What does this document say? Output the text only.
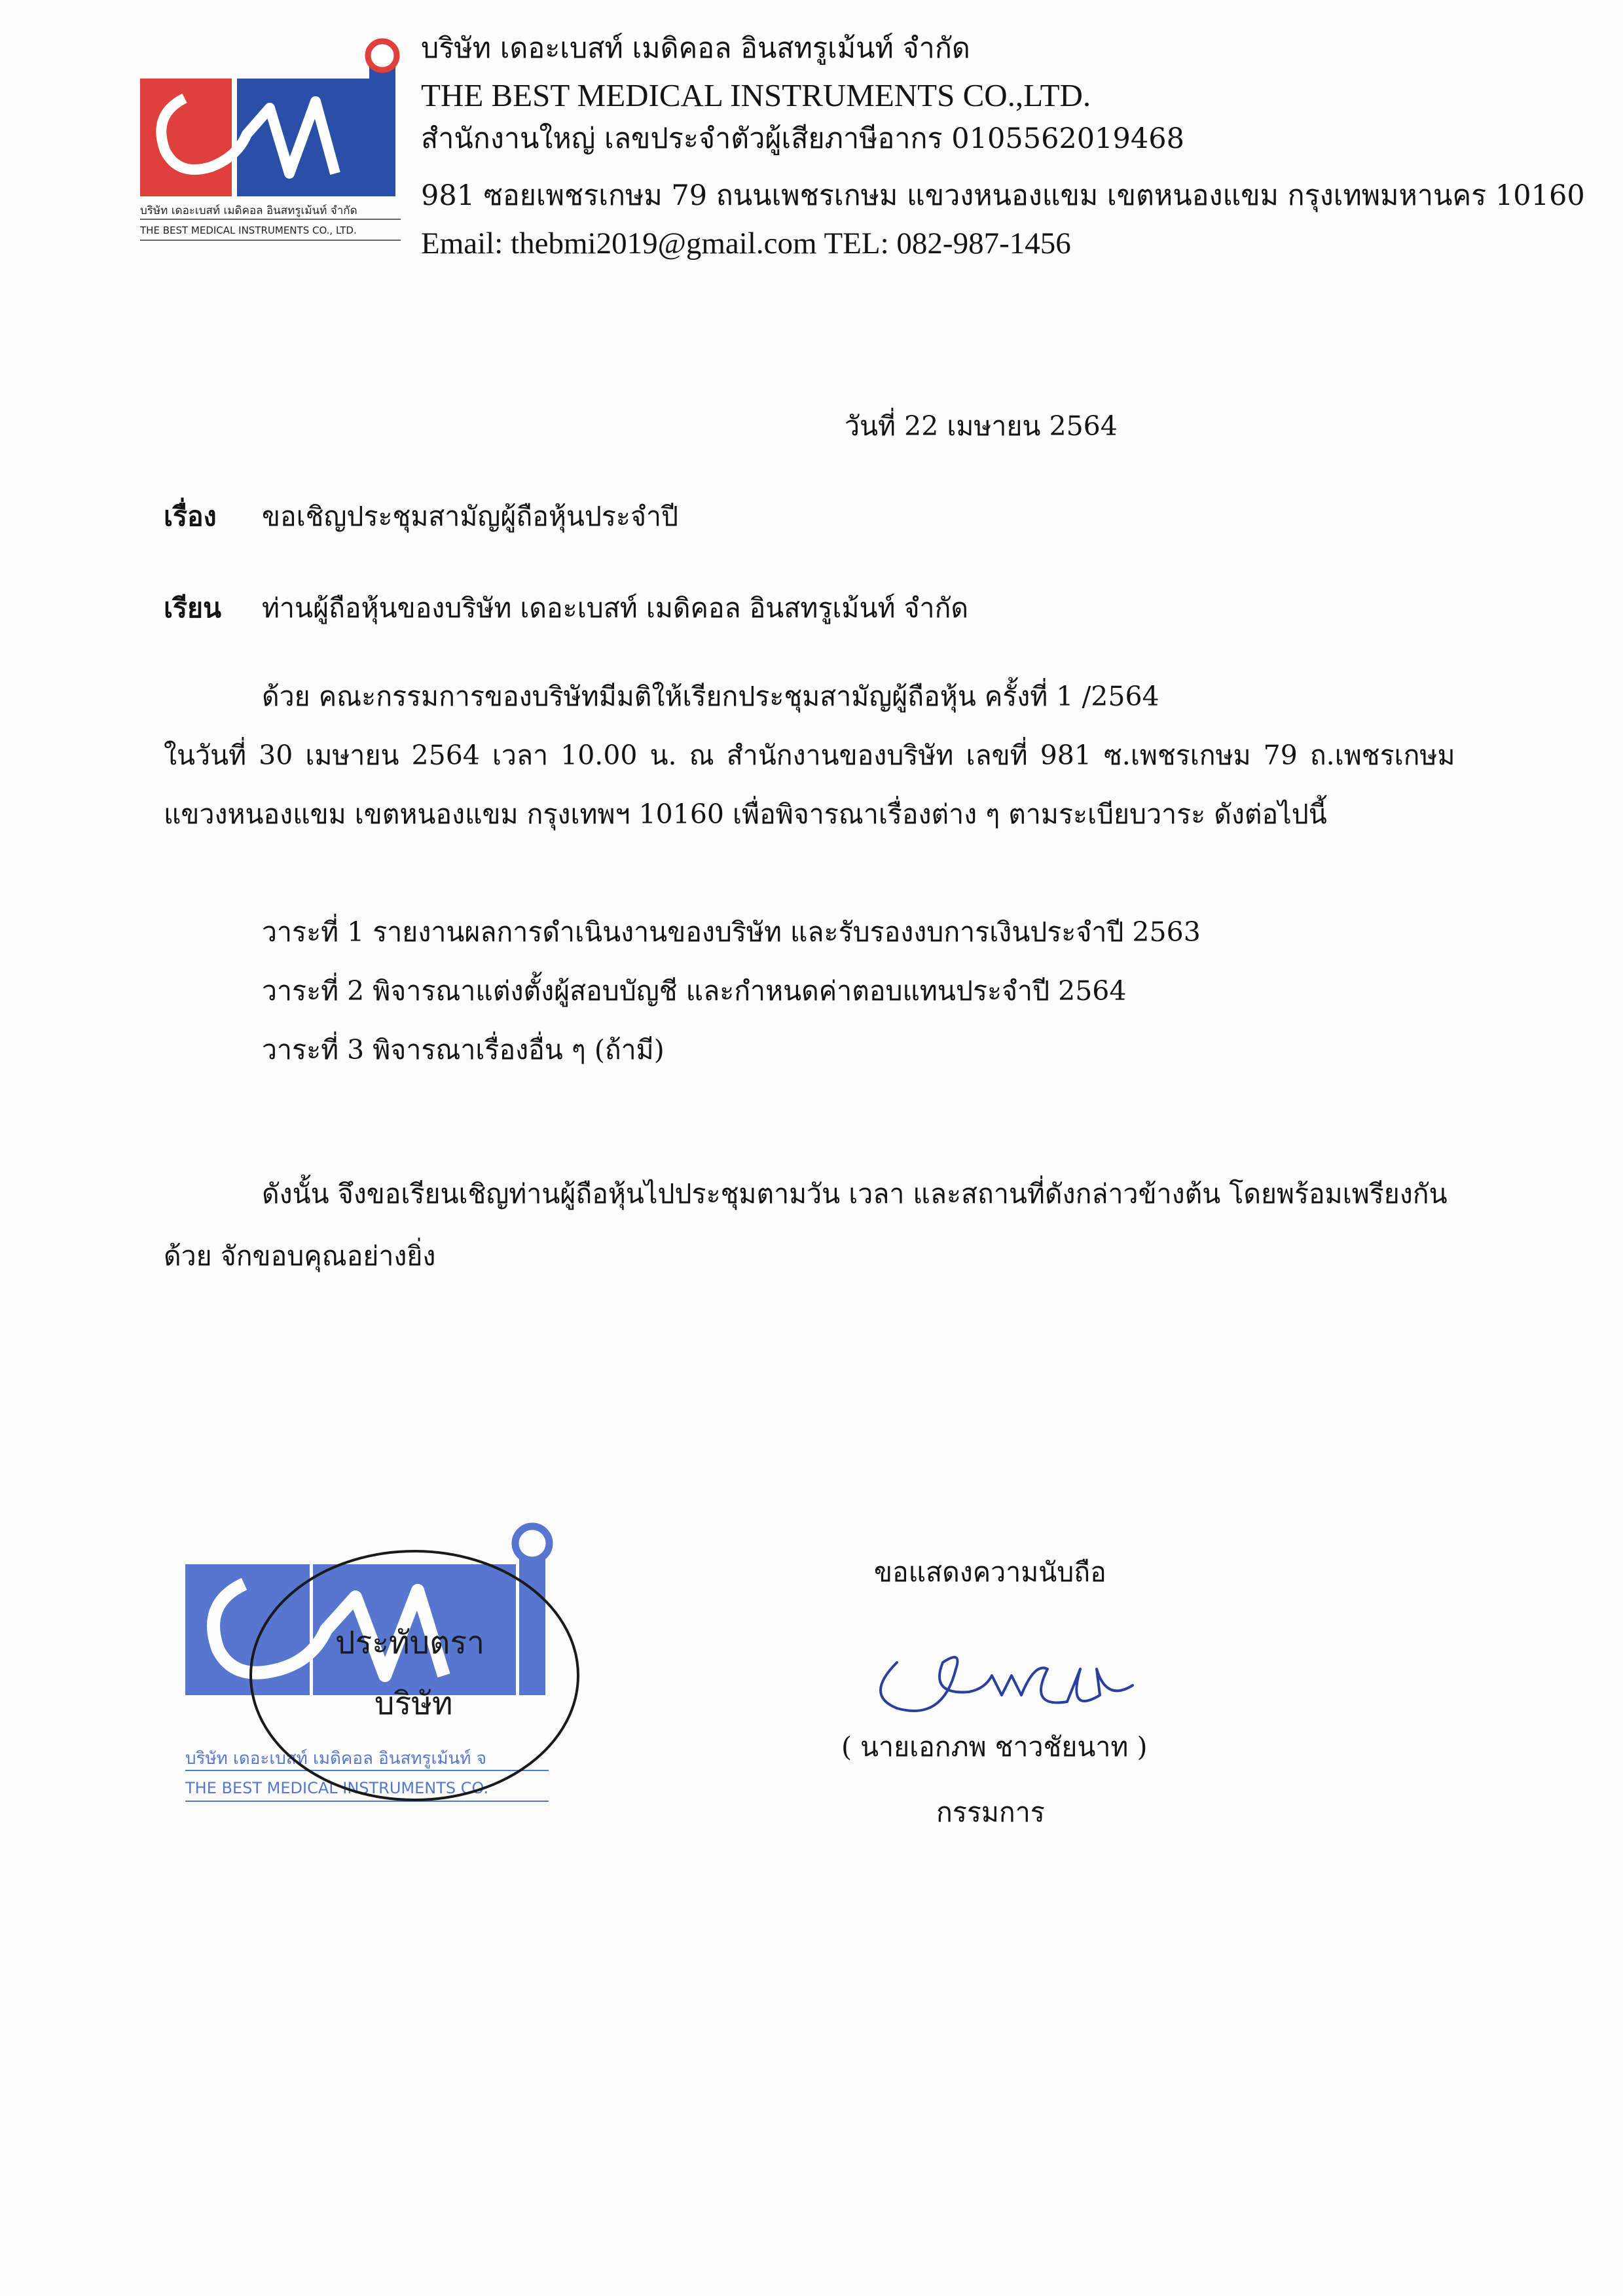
บริษัท เดอะเบสท์ เมดิคอล อินสทรูเม้นท์ จำกัด
THE BEST MEDICAL INSTRUMENTS CO., LTD.
บริษัท เดอะเบสท์ เมดิคอล อินสทรูเม้นท์ จำกัด
THE BEST MEDICAL INSTRUMENTS CO.,LTD.
สำนักงานใหญ่ เลขประจำตัวผู้เสียภาษีอากร 0105562019468
981 ซอยเพชรเกษม 79 ถนนเพชรเกษม แขวงหนองแขม เขตหนองแขม กรุงเทพมหานคร 10160
Email: thebmi2019@gmail.com TEL: 082-987-1456
วันที่ 22 เมษายน 2564
เรื่อง ขอเชิญประชุมสามัญผู้ถือหุ้นประจำปี
เรียน ท่านผู้ถือหุ้นของบริษัท เดอะเบสท์ เมดิคอล อินสทรูเม้นท์ จำกัด
ด้วย คณะกรรมการของบริษัทมีมติให้เรียกประชุมสามัญผู้ถือหุ้น ครั้งที่ 1 /2564
ในวันที่ 30 เมษายน 2564 เวลา 10.00 น. ณ สำนักงานของบริษัท เลขที่ 981 ซ.เพชรเกษม 79 ถ.เพชรเกษม
แขวงหนองแขม เขตหนองแขม กรุงเทพฯ 10160 เพื่อพิจารณาเรื่องต่าง ๆ ตามระเบียบวาระ ดังต่อไปนี้
วาระที่ 1 รายงานผลการดำเนินงานของบริษัท และรับรองงบการเงินประจำปี 2563
วาระที่ 2 พิจารณาแต่งตั้งผู้สอบบัญชี และกำหนดค่าตอบแทนประจำปี 2564
วาระที่ 3 พิจารณาเรื่องอื่น ๆ (ถ้ามี)
ดังนั้น จึงขอเรียนเชิญท่านผู้ถือหุ้นไปประชุมตามวัน เวลา และสถานที่ดังกล่าวข้างต้น โดยพร้อมเพรียงกัน
ด้วย จักขอบคุณอย่างยิ่ง
บริษัท เดอะเบสท์ เมดิคอล อินสทรูเม้นท์ จ
THE BEST MEDICAL INSTRUMENTS CO.
ประทับตรา
บริษัท
ขอแสดงความนับถือ
( นายเอกภพ ชาวชัยนาท )
กรรมการ
